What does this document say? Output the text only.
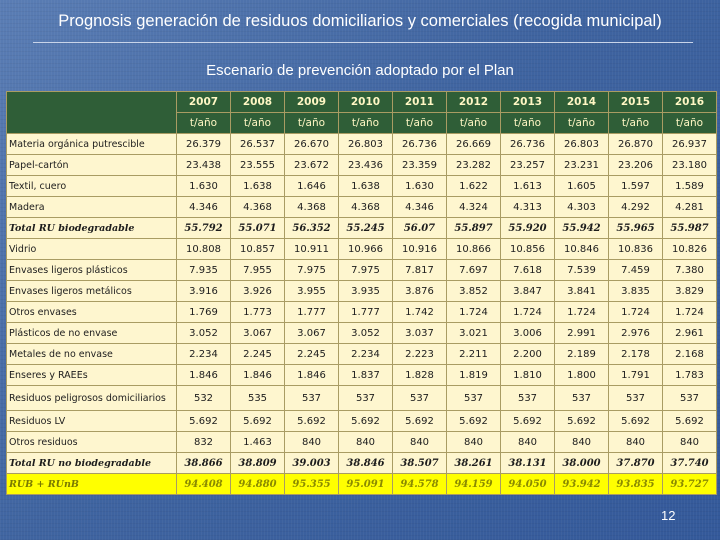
Prognosis generación de residuos domiciliarios y comerciales (recogida municipal)
Escenario de prevención adoptado por el Plan
	2007	2008	2009	2010	2011	2012	2013	2014	2015	2016
	t/año	t/año	t/año	t/año	t/año	t/año	t/año	t/año	t/año	t/año
Materia orgánica putrescible	26.379	26.537	26.670	26.803	26.736	26.669	26.736	26.803	26.870	26.937
Papel-cartón	23.438	23.555	23.672	23.436	23.359	23.282	23.257	23.231	23.206	23.180
Textil, cuero	1.630	1.638	1.646	1.638	1.630	1.622	1.613	1.605	1.597	1.589
Madera	4.346	4.368	4.368	4.368	4.346	4.324	4.313	4.303	4.292	4.281
Total RU biodegradable	55.792	55.071	56.352	55.245	56.07	55.897	55.920	55.942	55.965	55.987
Vidrio	10.808	10.857	10.911	10.966	10.916	10.866	10.856	10.846	10.836	10.826
Envases ligeros plásticos	7.935	7.955	7.975	7.975	7.817	7.697	7.618	7.539	7.459	7.380
Envases ligeros metálicos	3.916	3.926	3.955	3.935	3.876	3.852	3.847	3.841	3.835	3.829
Otros envases	1.769	1.773	1.777	1.777	1.742	1.724	1.724	1.724	1.724	1.724
Plásticos de no envase	3.052	3.067	3.067	3.052	3.037	3.021	3.006	2.991	2.976	2.961
Metales de no envase	2.234	2.245	2.245	2.234	2.223	2.211	2.200	2.189	2.178	2.168
Enseres y RAEEs	1.846	1.846	1.846	1.837	1.828	1.819	1.810	1.800	1.791	1.783
Residuos peligrosos domiciliarios	532	535	537	537	537	537	537	537	537	537
Residuos LV	5.692	5.692	5.692	5.692	5.692	5.692	5.692	5.692	5.692	5.692
Otros residuos	832	1.463	840	840	840	840	840	840	840	840
Total RU no biodegradable	38.866	38.809	39.003	38.846	38.507	38.261	38.131	38.000	37.870	37.740
RUB + RUnB	94.408	94.880	95.355	95.091	94.578	94.159	94.050	93.942	93.835	93.727
12
